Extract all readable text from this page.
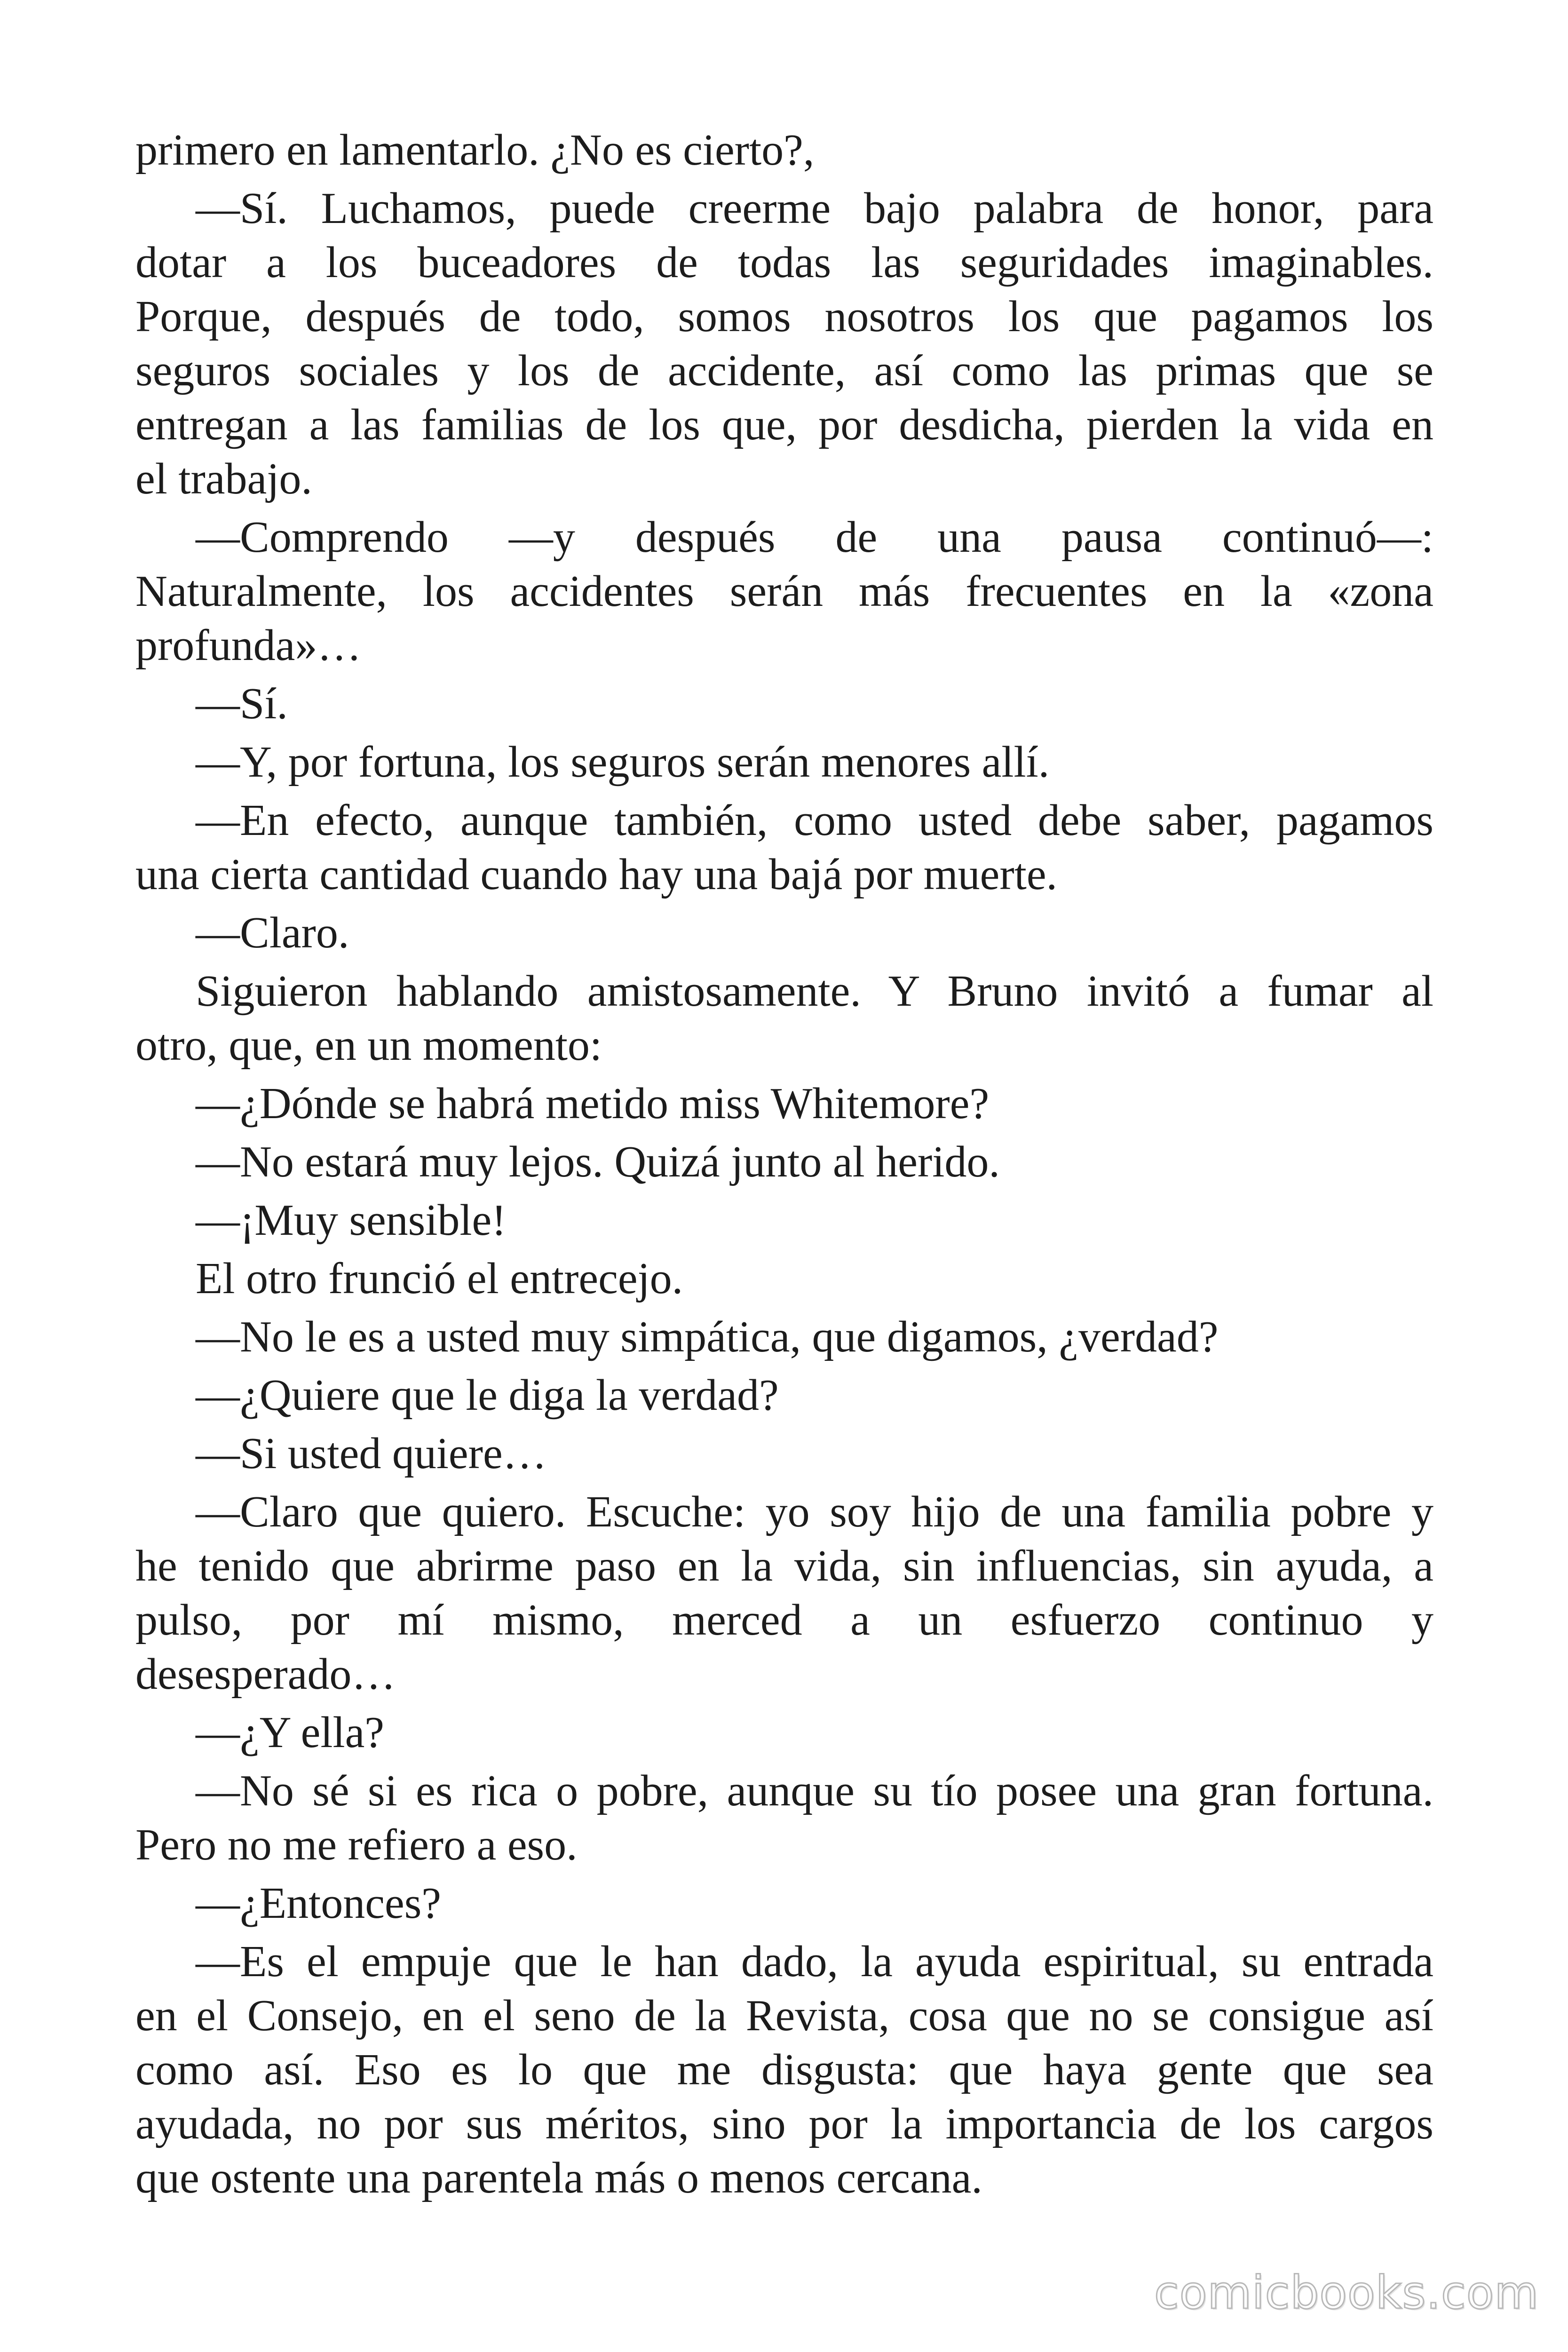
primero en lamentarlo. ¿No es cierto?,
—Sí. Luchamos, puede creerme bajo palabra de honor, para
dotar a los buceadores de todas las seguridades imaginables.
Porque, después de todo, somos nosotros los que pagamos los
seguros sociales y los de accidente, así como las primas que se
entregan a las familias de los que, por desdicha, pierden la vida en
el trabajo.
—Comprendo —y después de una pausa continuó—:
Naturalmente, los accidentes serán más frecuentes en la «zona
profunda»…
—Sí.
—Y, por fortuna, los seguros serán menores allí.
—En efecto, aunque también, como usted debe saber, pagamos
una cierta cantidad cuando hay una bajá por muerte.
—Claro.
Siguieron hablando amistosamente. Y Bruno invitó a fumar al
otro, que, en un momento:
—¿Dónde se habrá metido miss Whitemore?
—No estará muy lejos. Quizá junto al herido.
—¡Muy sensible!
El otro frunció el entrecejo.
—No le es a usted muy simpática, que digamos, ¿verdad?
—¿Quiere que le diga la verdad?
—Si usted quiere…
—Claro que quiero. Escuche: yo soy hijo de una familia pobre y
he tenido que abrirme paso en la vida, sin influencias, sin ayuda, a
pulso, por mí mismo, merced a un esfuerzo continuo y
desesperado…
—¿Y ella?
—No sé si es rica o pobre, aunque su tío posee una gran fortuna.
Pero no me refiero a eso.
—¿Entonces?
—Es el empuje que le han dado, la ayuda espiritual, su entrada
en el Consejo, en el seno de la Revista, cosa que no se consigue así
como así. Eso es lo que me disgusta: que haya gente que sea
ayudada, no por sus méritos, sino por la importancia de los cargos
que ostente una parentela más o menos cercana.
comicbooks.com
